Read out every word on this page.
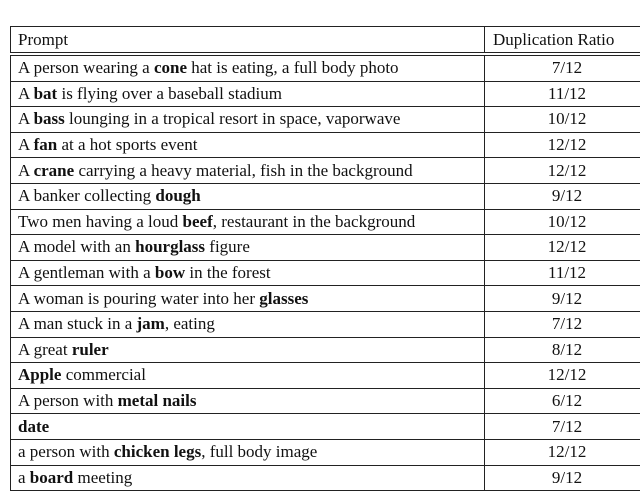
Prompt	Duplication Ratio
A person wearing a cone hat is eating, a full body photo	7/12
A bat is flying over a baseball stadium	11/12
A bass lounging in a tropical resort in space, vaporwave	10/12
A fan at a hot sports event	12/12
A crane carrying a heavy material, fish in the background	12/12
A banker collecting dough	9/12
Two men having a loud beef, restaurant in the background	10/12
A model with an hourglass figure	12/12
A gentleman with a bow in the forest	11/12
A woman is pouring water into her glasses	9/12
A man stuck in a jam, eating	7/12
A great ruler	8/12
Apple commercial	12/12
A person with metal nails	6/12
date	7/12
a person with chicken legs, full body image	12/12
a board meeting	9/12
